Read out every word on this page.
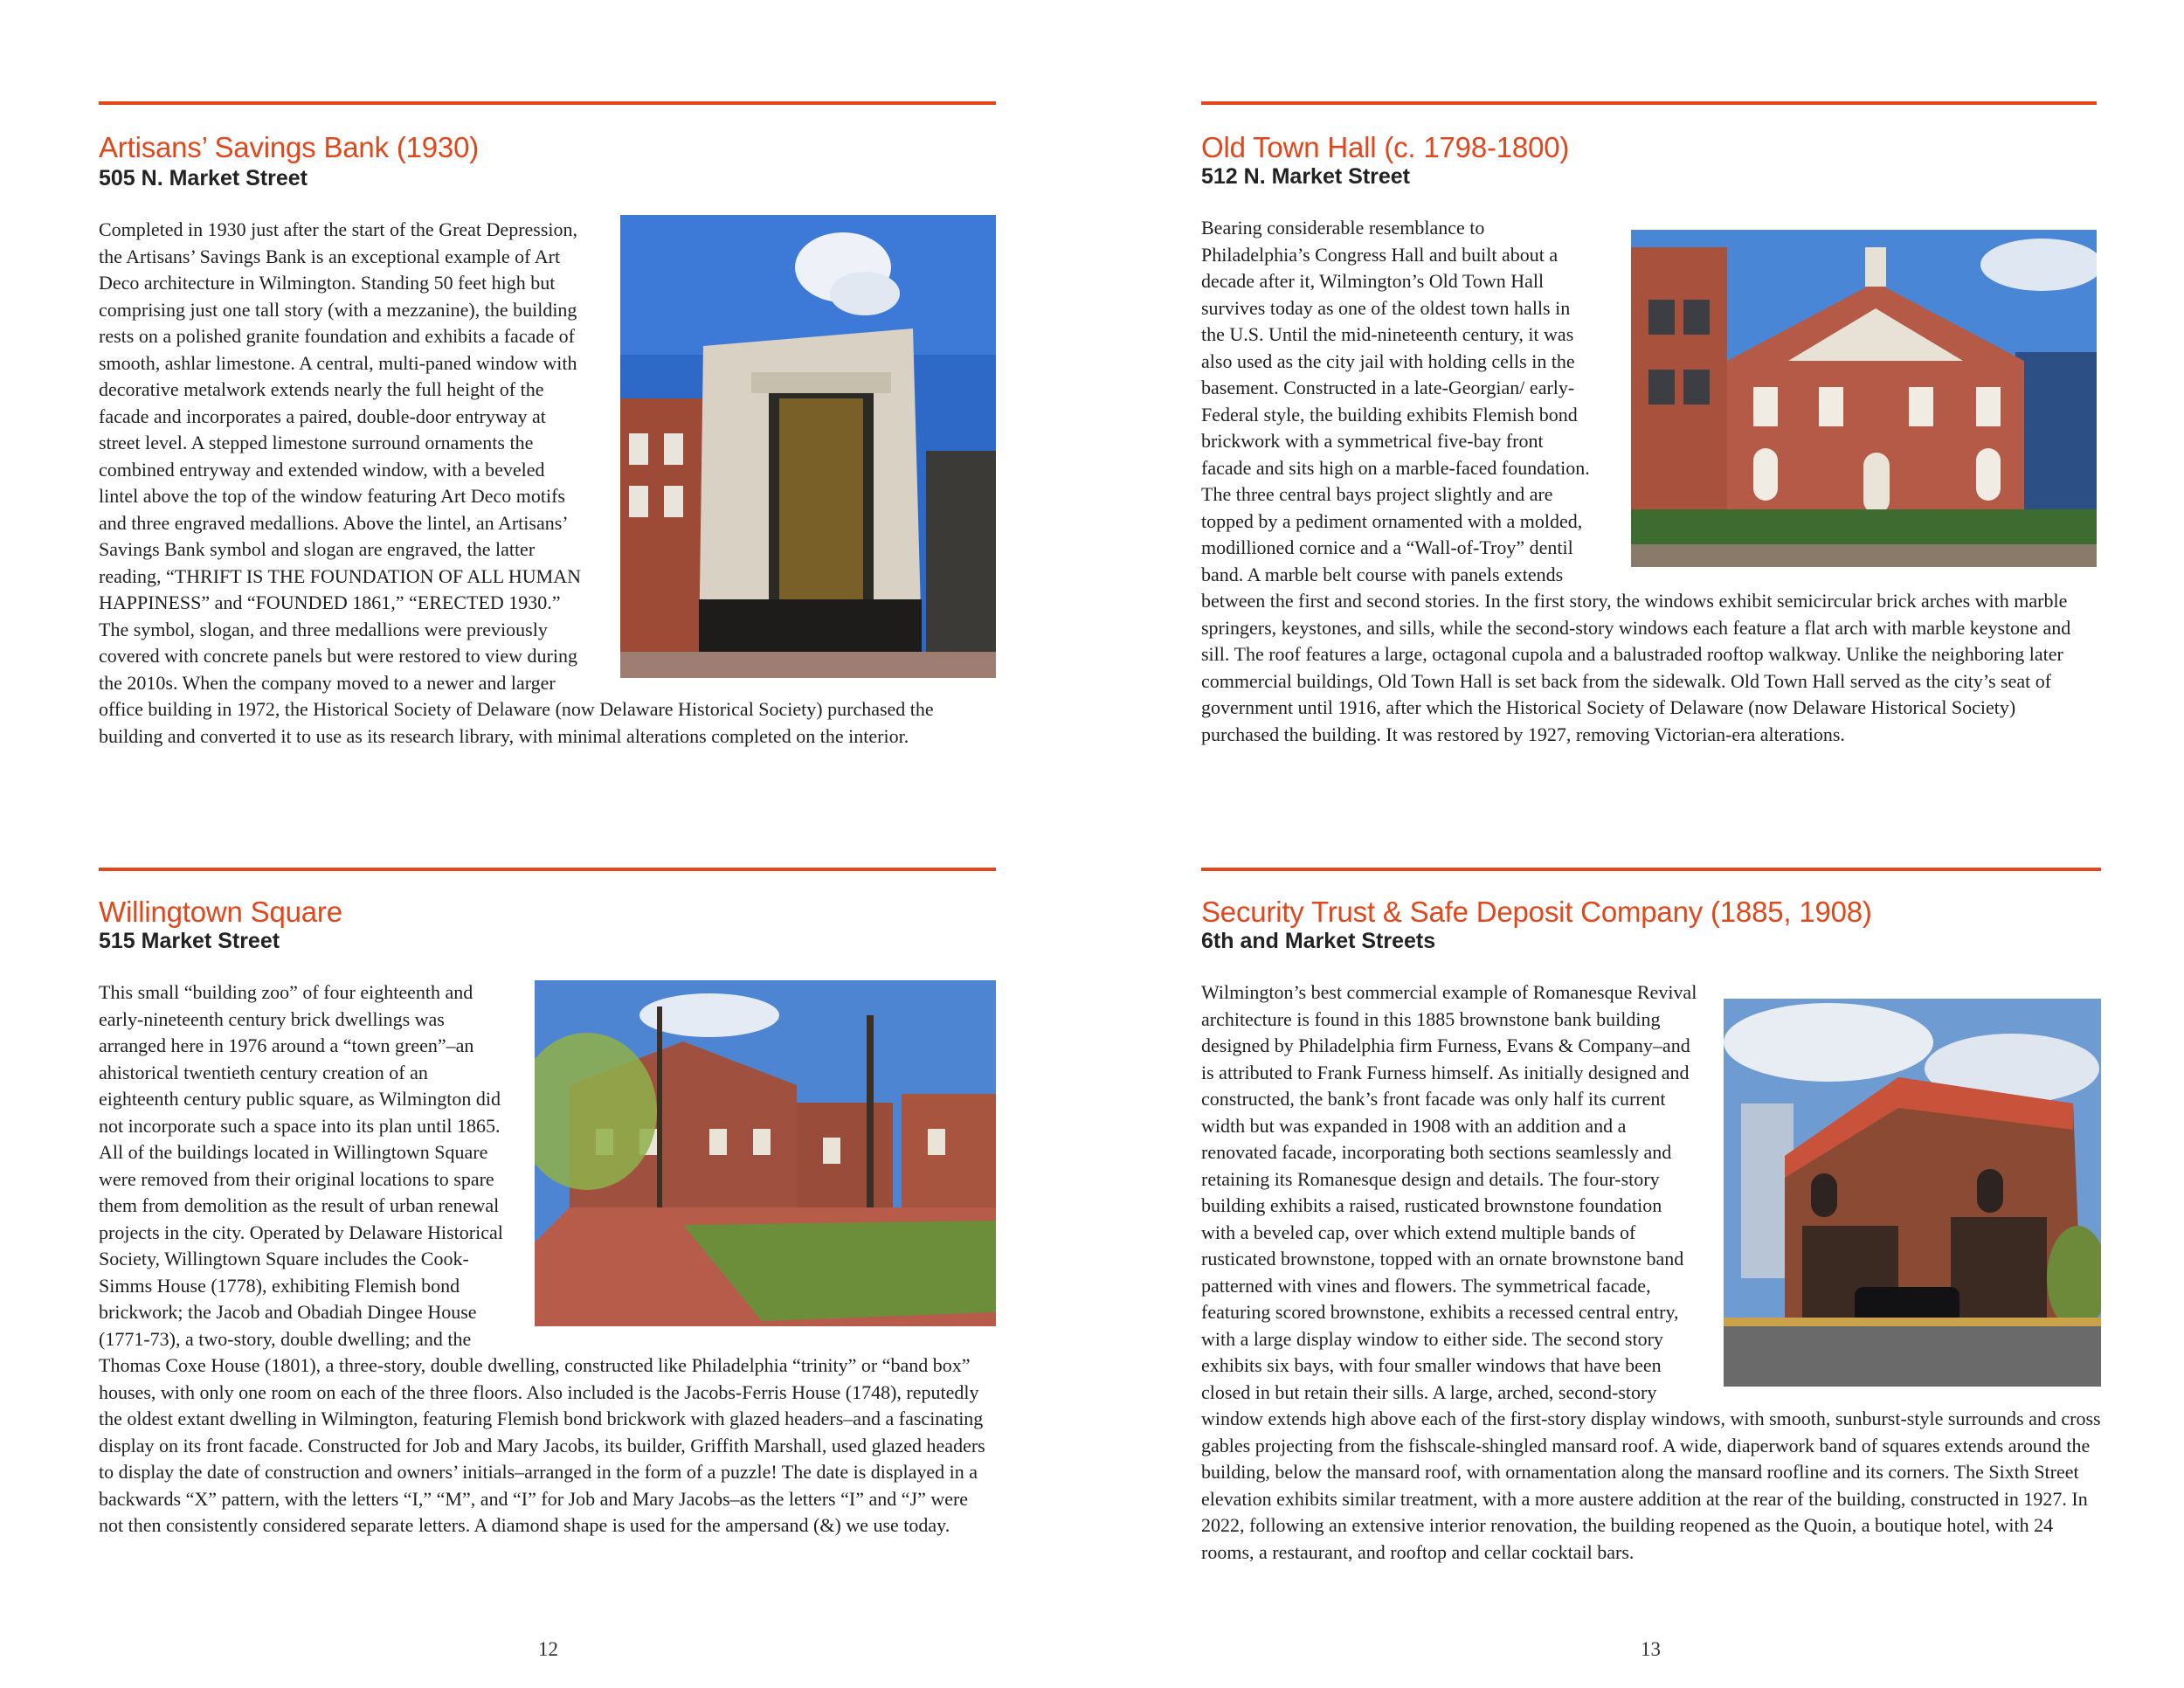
Artisans’ Savings Bank (1930)
505 N. Market Street

Completed in 1930 just after the start of the Great Depression, the Artisans’ Savings Bank is an exceptional example of Art Deco architecture in Wilmington. Standing 50 feet high but comprising just one tall story (with a mezzanine), the building rests on a polished granite foundation and exhibits a facade of smooth, ashlar limestone. A central, multi-paned window with decorative metalwork extends nearly the full height of the facade and incorporates a paired, double-door entryway at street level. A stepped limestone surround ornaments the combined entryway and extended window, with a beveled lintel above the top of the window featuring Art Deco motifs and three engraved medallions. Above the lintel, an Artisans’ Savings Bank symbol and slogan are engraved, the latter reading, “THRIFT IS THE FOUNDATION OF ALL HUMAN HAPPINESS” and “FOUNDED 1861,” “ERECTED 1930.” The symbol, slogan, and three medallions were previously covered with concrete panels but were restored to view during the 2010s. When the company moved to a newer and larger office building in 1972, the Historical Society of Delaware (now Delaware Historical Society) purchased the building and converted it to use as its research library, with minimal alterations completed on the interior.

Old Town Hall (c. 1798-1800)
512 N. Market Street

Bearing considerable resemblance to Philadelphia’s Congress Hall and built about a decade after it, Wilmington’s Old Town Hall survives today as one of the oldest town halls in the U.S. Until the mid-nineteenth century, it was also used as the city jail with holding cells in the basement. Constructed in a late-Georgian/ early-Federal style, the building exhibits Flemish bond brickwork with a symmetrical five-bay front facade and sits high on a marble-faced foundation. The three central bays project slightly and are topped by a pediment ornamented with a molded, modillioned cornice and a “Wall-of-Troy” dentil band. A marble belt course with panels extends between the first and second stories. In the first story, the windows exhibit semicircular brick arches with marble springers, keystones, and sills, while the second-story windows each feature a flat arch with marble keystone and sill. The roof features a large, octagonal cupola and a balustraded rooftop walkway. Unlike the neighboring later commercial buildings, Old Town Hall is set back from the sidewalk. Old Town Hall served as the city’s seat of government until 1916, after which the Historical Society of Delaware (now Delaware Historical Society) purchased the building. It was restored by 1927, removing Victorian-era alterations.

Willingtown Square
515 Market Street

This small “building zoo” of four eighteenth and early-nineteenth century brick dwellings was arranged here in 1976 around a “town green”–an ahistorical twentieth century creation of an eighteenth century public square, as Wilmington did not incorporate such a space into its plan until 1865. All of the buildings located in Willingtown Square were removed from their original locations to spare them from demolition as the result of urban renewal projects in the city. Operated by Delaware Historical Society, Willingtown Square includes the Cook-Simms House (1778), exhibiting Flemish bond brickwork; the Jacob and Obadiah Dingee House (1771-73), a two-story, double dwelling; and the Thomas Coxe House (1801), a three-story, double dwelling, constructed like Philadelphia “trinity” or “band box” houses, with only one room on each of the three floors. Also included is the Jacobs-Ferris House (1748), reputedly the oldest extant dwelling in Wilmington, featuring Flemish bond brickwork with glazed headers–and a fascinating display on its front facade. Constructed for Job and Mary Jacobs, its builder, Griffith Marshall, used glazed headers to display the date of construction and owners’ initials–arranged in the form of a puzzle! The date is displayed in a backwards “X” pattern, with the letters “I,” “M”, and “I” for Job and Mary Jacobs–as the letters “I” and “J” were not then consistently considered separate letters. A diamond shape is used for the ampersand (&) we use today.

Security Trust & Safe Deposit Company (1885, 1908)
6th and Market Streets

Wilmington’s best commercial example of Romanesque Revival architecture is found in this 1885 brownstone bank building designed by Philadelphia firm Furness, Evans & Company–and is attributed to Frank Furness himself. As initially designed and constructed, the bank’s front facade was only half its current width but was expanded in 1908 with an addition and a renovated facade, incorporating both sections seamlessly and retaining its Romanesque design and details. The four-story building exhibits a raised, rusticated brownstone foundation with a beveled cap, over which extend multiple bands of rusticated brownstone, topped with an ornate brownstone band patterned with vines and flowers. The symmetrical facade, featuring scored brownstone, exhibits a recessed central entry, with a large display window to either side. The second story exhibits six bays, with four smaller windows that have been closed in but retain their sills. A large, arched, second-story window extends high above each of the first-story display windows, with smooth, sunburst-style surrounds and cross gables projecting from the fishscale-shingled mansard roof. A wide, diaperwork band of squares extends around the building, below the mansard roof, with ornamentation along the mansard roofline and its corners. The Sixth Street elevation exhibits similar treatment, with a more austere addition at the rear of the building, constructed in 1927. In 2022, following an extensive interior renovation, the building reopened as the Quoin, a boutique hotel, with 24 rooms, a restaurant, and rooftop and cellar cocktail bars.

12	13
